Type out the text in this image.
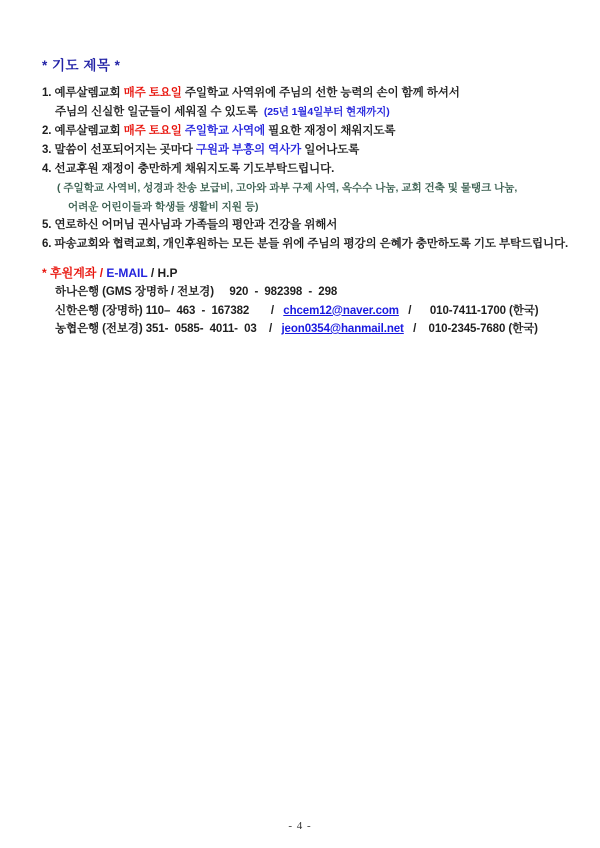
* 기도 제목 *
1. 예루살렘교회 매주 토요일 주일학교 사역위에 주님의 선한 능력의 손이 함께 하셔서
주님의 신실한 일군들이 세워질 수 있도록  (25년 1월4일부터 현재까지)
2. 예루살렘교회 매주 토요일 주일학교 사역에 필요한 재정이 채워지도록
3. 말씀이 선포되어지는 곳마다 구원과 부흥의 역사가 일어나도록
4. 선교후원 재정이 충만하게 채워지도록 기도부탁드립니다.
( 주일학교 사역비, 성경과 찬송 보급비, 고아와 과부 구제 사역, 옥수수 나눔, 교회 건축 및 물탱크 나눔,
어려운 어린이들과 학생들 생활비 지원 등)
5. 연로하신 어머님 권사님과 가족들의 평안과 건강을 위해서
6. 파송교회와 협력교회, 개인후원하는 모든 분들 위에 주님의 평강의 은혜가 충만하도록 기도 부탁드립니다.
* 후원계좌 / E-MAIL / H.P
하나은행 (GMS 장명하 / 전보경)     920  -  982398  -  298
신한은행 (장명하) 110–  463  -  167382       /   chcem12@naver.com   /      010-7411-1700 (한국)
농협은행 (전보경) 351-  0585-  4011-  03    /   jeon0354@hanmail.net   /    010-2345-7680 (한국)
- 4 -
